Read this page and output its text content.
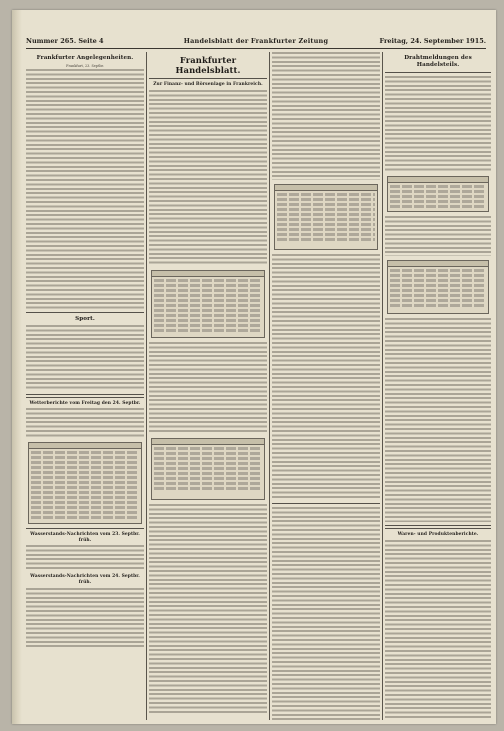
Nummer 265. Seite 4	Handelsblatt der Frankfurter Zeitung	Freitag, 24. September 1915.
Frankfurter Angelegenheiten.
Frankfurt, 23. Septbr.
Sport.
Wetterberichte vom Freitag den 24. Septbr.
Wasserstands-Nachrichten vom 23. Septbr. früh.
Wasserstands-Nachrichten vom 24. Septbr. früh.
Frankfurter Handelsblatt.
Zur Finanz- und Börsenlage in Frankreich.
Drahtmeldungen des Handelsteils.
Waren- und Produktenberichte.
